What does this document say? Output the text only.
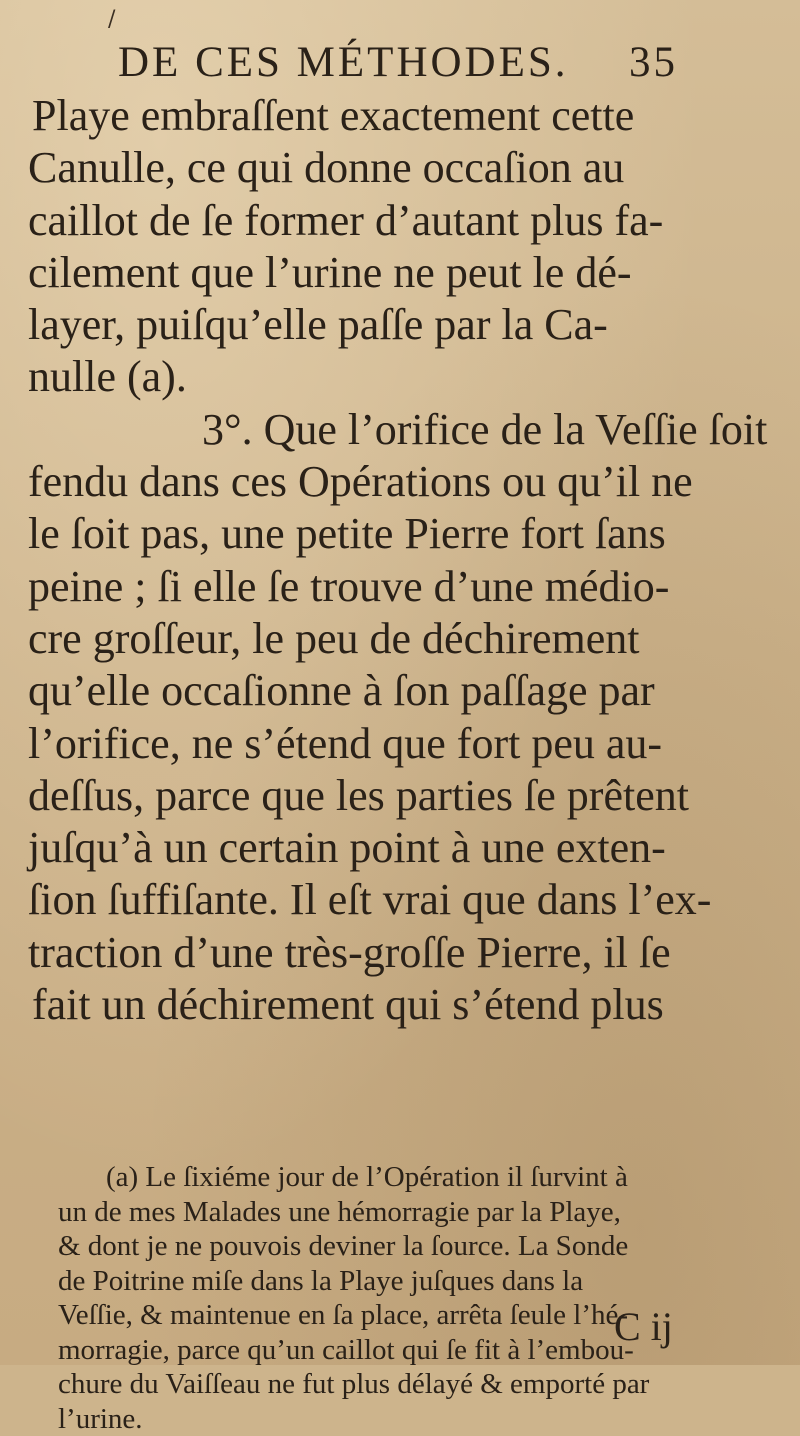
/
DE CES MÉTHODES. 35
Playe embraſſent exactement cette
Canulle, ce qui donne occaſion au
caillot de ſe former d’autant plus fa-
cilement que l’urine ne peut le dé-
layer, puiſqu’elle paſſe par la Ca-
nulle (a).
3°. Que l’orifice de la Veſſie ſoit
fendu dans ces Opérations ou qu’il ne
le ſoit pas, une petite Pierre fort ſans
peine ; ſi elle ſe trouve d’une médio-
cre groſſeur, le peu de déchirement
qu’elle occaſionne à ſon paſſage par
l’orifice, ne s’étend que fort peu au-
deſſus, parce que les parties ſe prêtent
juſqu’à un certain point à une exten-
ſion ſuffiſante. Il eſt vrai que dans l’ex-
traction d’une très-groſſe Pierre, il ſe
fait un déchirement qui s’étend plus
(a) Le ſixiéme jour de l’Opération il ſurvint à
un de mes Malades une hémorragie par la Playe,
& dont je ne pouvois deviner la ſource. La Sonde
de Poitrine miſe dans la Playe juſques dans la
Veſſie, & maintenue en ſa place, arrêta ſeule l’hé-
morragie, parce qu’un caillot qui ſe fit à l’embou-
chure du Vaiſſeau ne fut plus délayé & emporté par
l’urine.
C ij
